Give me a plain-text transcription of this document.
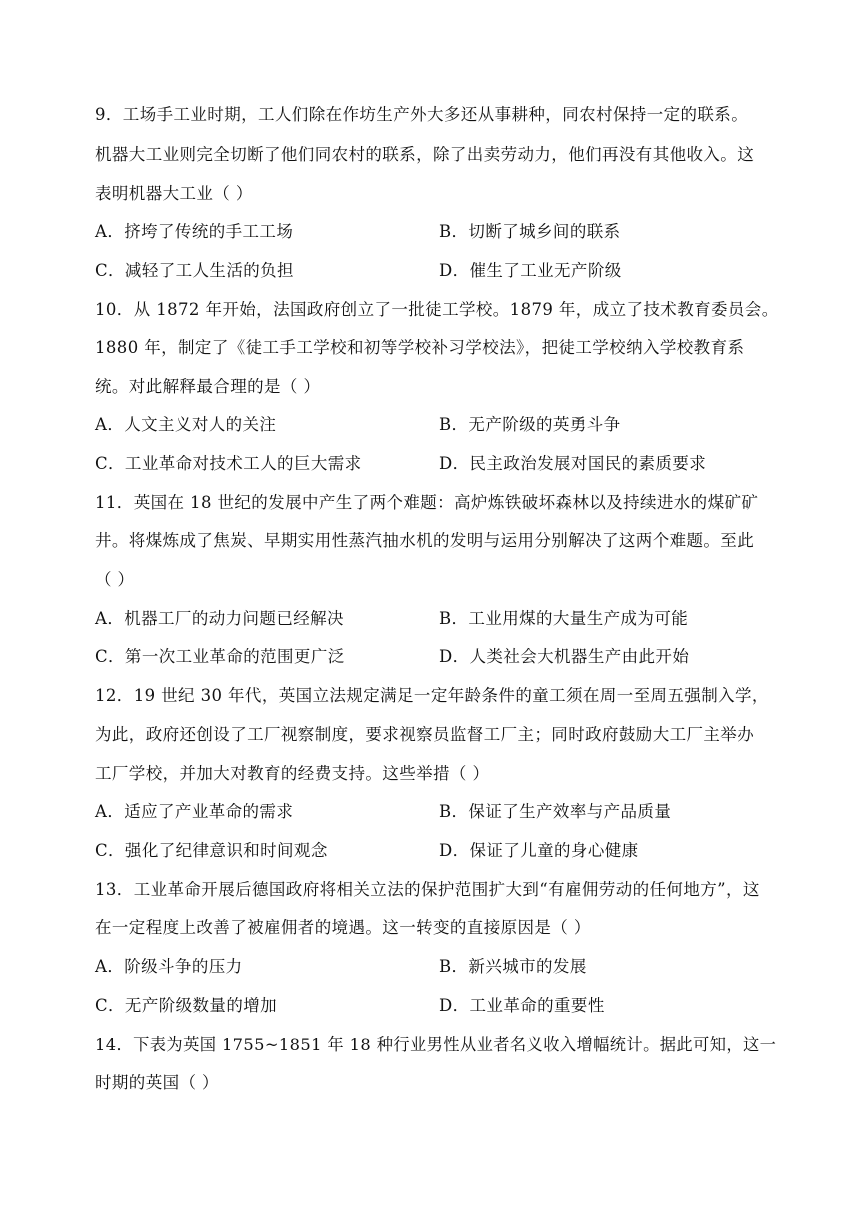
9．工场手工业时期，工人们除在作坊生产外大多还从事耕种，同农村保持一定的联系。
机器大工业则完全切断了他们同农村的联系，除了出卖劳动力，他们再没有其他收入。这
表明机器大工业（ ）
A．挤垮了传统的手工工场	B．切断了城乡间的联系
C．减轻了工人生活的负担	D．催生了工业无产阶级
10．从 1872 年开始，法国政府创立了一批徒工学校。1879 年，成立了技术教育委员会。
1880 年，制定了《徒工手工学校和初等学校补习学校法》，把徒工学校纳入学校教育系
统。对此解释最合理的是（ ）
A．人文主义对人的关注	B．无产阶级的英勇斗争
C．工业革命对技术工人的巨大需求	D．民主政治发展对国民的素质要求
11．英国在 18 世纪的发展中产生了两个难题：高炉炼铁破坏森林以及持续进水的煤矿矿
井。将煤炼成了焦炭、早期实用性蒸汽抽水机的发明与运用分别解决了这两个难题。至此
（ ）
A．机器工厂的动力问题已经解决	B．工业用煤的大量生产成为可能
C．第一次工业革命的范围更广泛	D．人类社会大机器生产由此开始
12．19 世纪 30 年代，英国立法规定满足一定年龄条件的童工须在周一至周五强制入学，
为此，政府还创设了工厂视察制度，要求视察员监督工厂主；同时政府鼓励大工厂主举办
工厂学校，并加大对教育的经费支持。这些举措（ ）
A．适应了产业革命的需求	B．保证了生产效率与产品质量
C．强化了纪律意识和时间观念	D．保证了儿童的身心健康
13．工业革命开展后德国政府将相关立法的保护范围扩大到“有雇佣劳动的任何地方”，这
在一定程度上改善了被雇佣者的境遇。这一转变的直接原因是（ ）
A．阶级斗争的压力	B．新兴城市的发展
C．无产阶级数量的增加	D．工业革命的重要性
14．下表为英国 1755~1851 年 18 种行业男性从业者名义收入增幅统计。据此可知，这一
时期的英国（ ）
